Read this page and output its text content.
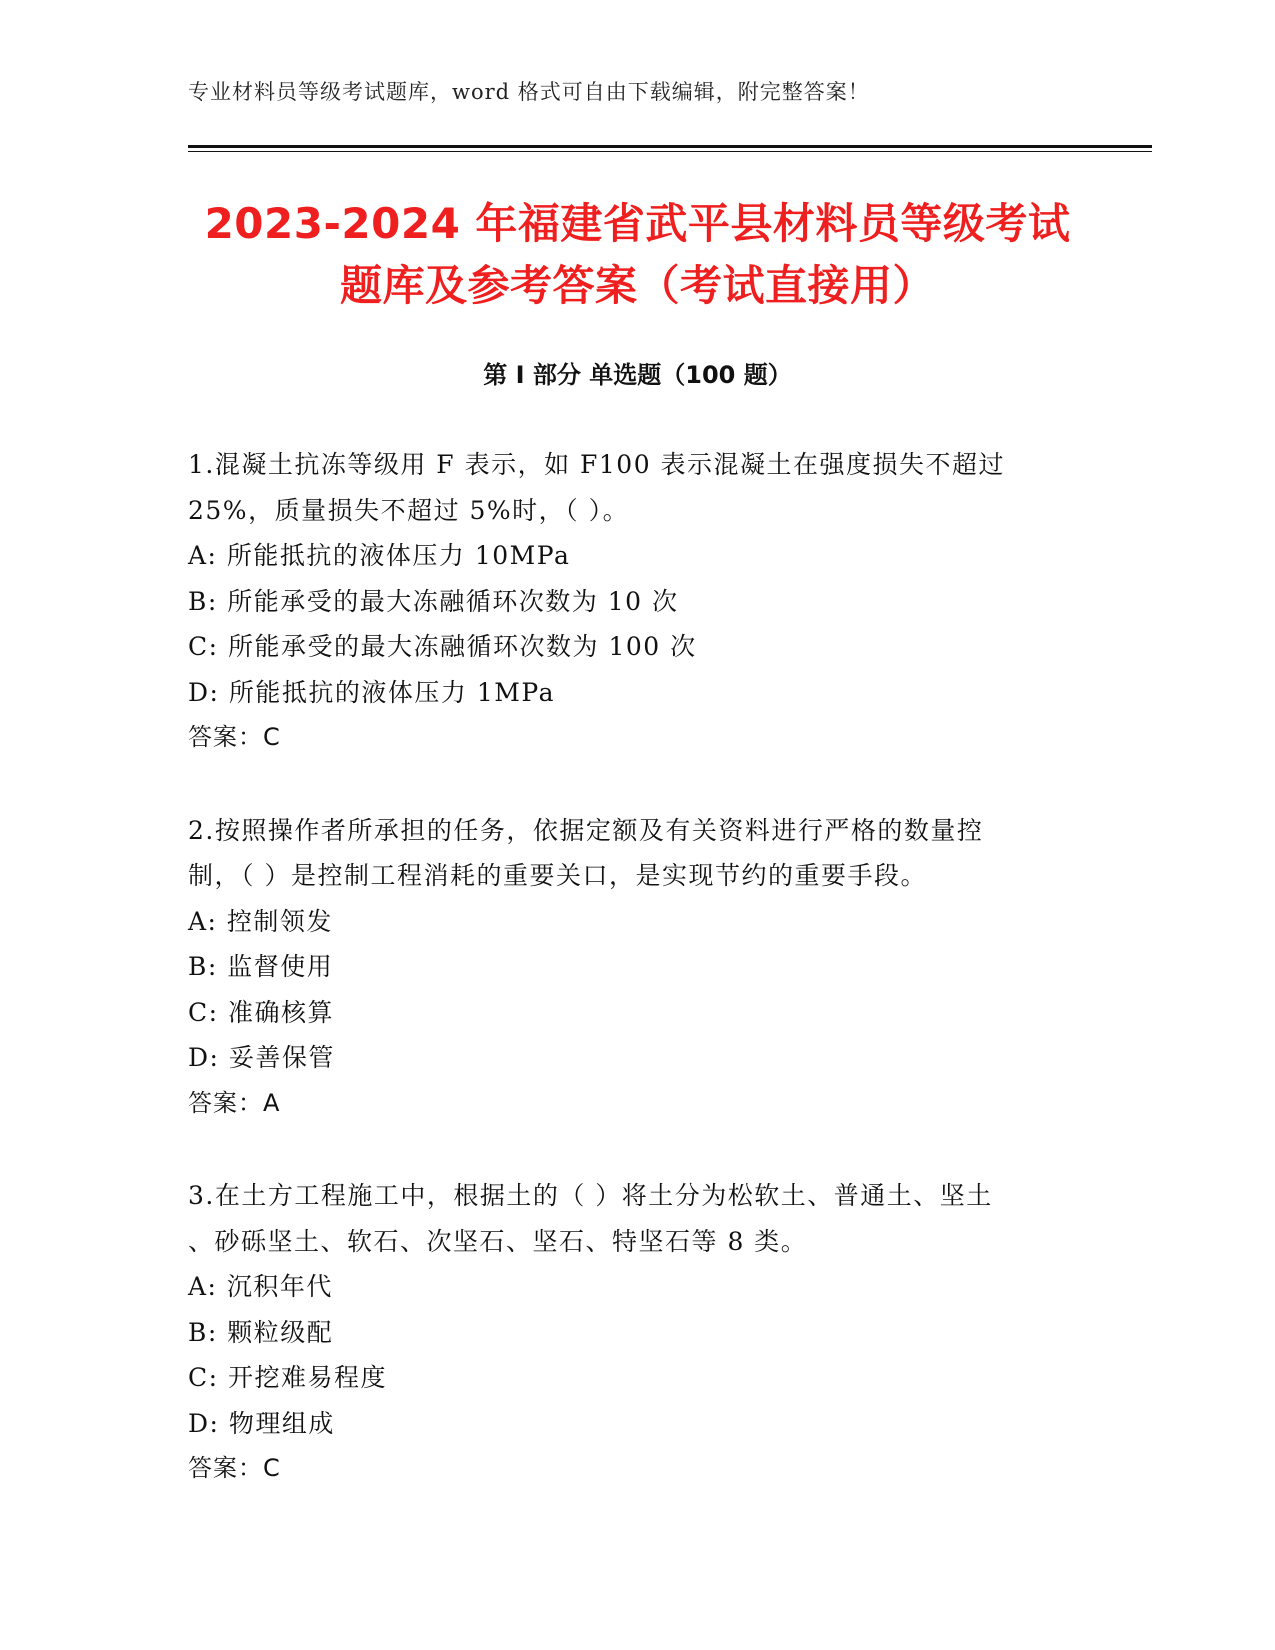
专业材料员等级考试题库，word 格式可自由下载编辑，附完整答案！
2023-2024 年福建省武平县材料员等级考试
题库及参考答案（考试直接用）
第 I 部分 单选题（100 题）
1.混凝土抗冻等级用 F 表示，如 F100 表示混凝土在强度损失不超过
25%，质量损失不超过 5%时，（ ）。
A: 所能抵抗的液体压力 10MPa
B: 所能承受的最大冻融循环次数为 10 次
C: 所能承受的最大冻融循环次数为 100 次
D: 所能抵抗的液体压力 1MPa
答案：C
2.按照操作者所承担的任务，依据定额及有关资料进行严格的数量控
制，（ ）是控制工程消耗的重要关口，是实现节约的重要手段。
A: 控制领发
B: 监督使用
C: 准确核算
D: 妥善保管
答案：A
3.在土方工程施工中，根据土的（ ）将土分为松软土、普通土、坚土
、砂砾坚土、软石、次坚石、坚石、特坚石等 8 类。
A: 沉积年代
B: 颗粒级配
C: 开挖难易程度
D: 物理组成
答案：C
